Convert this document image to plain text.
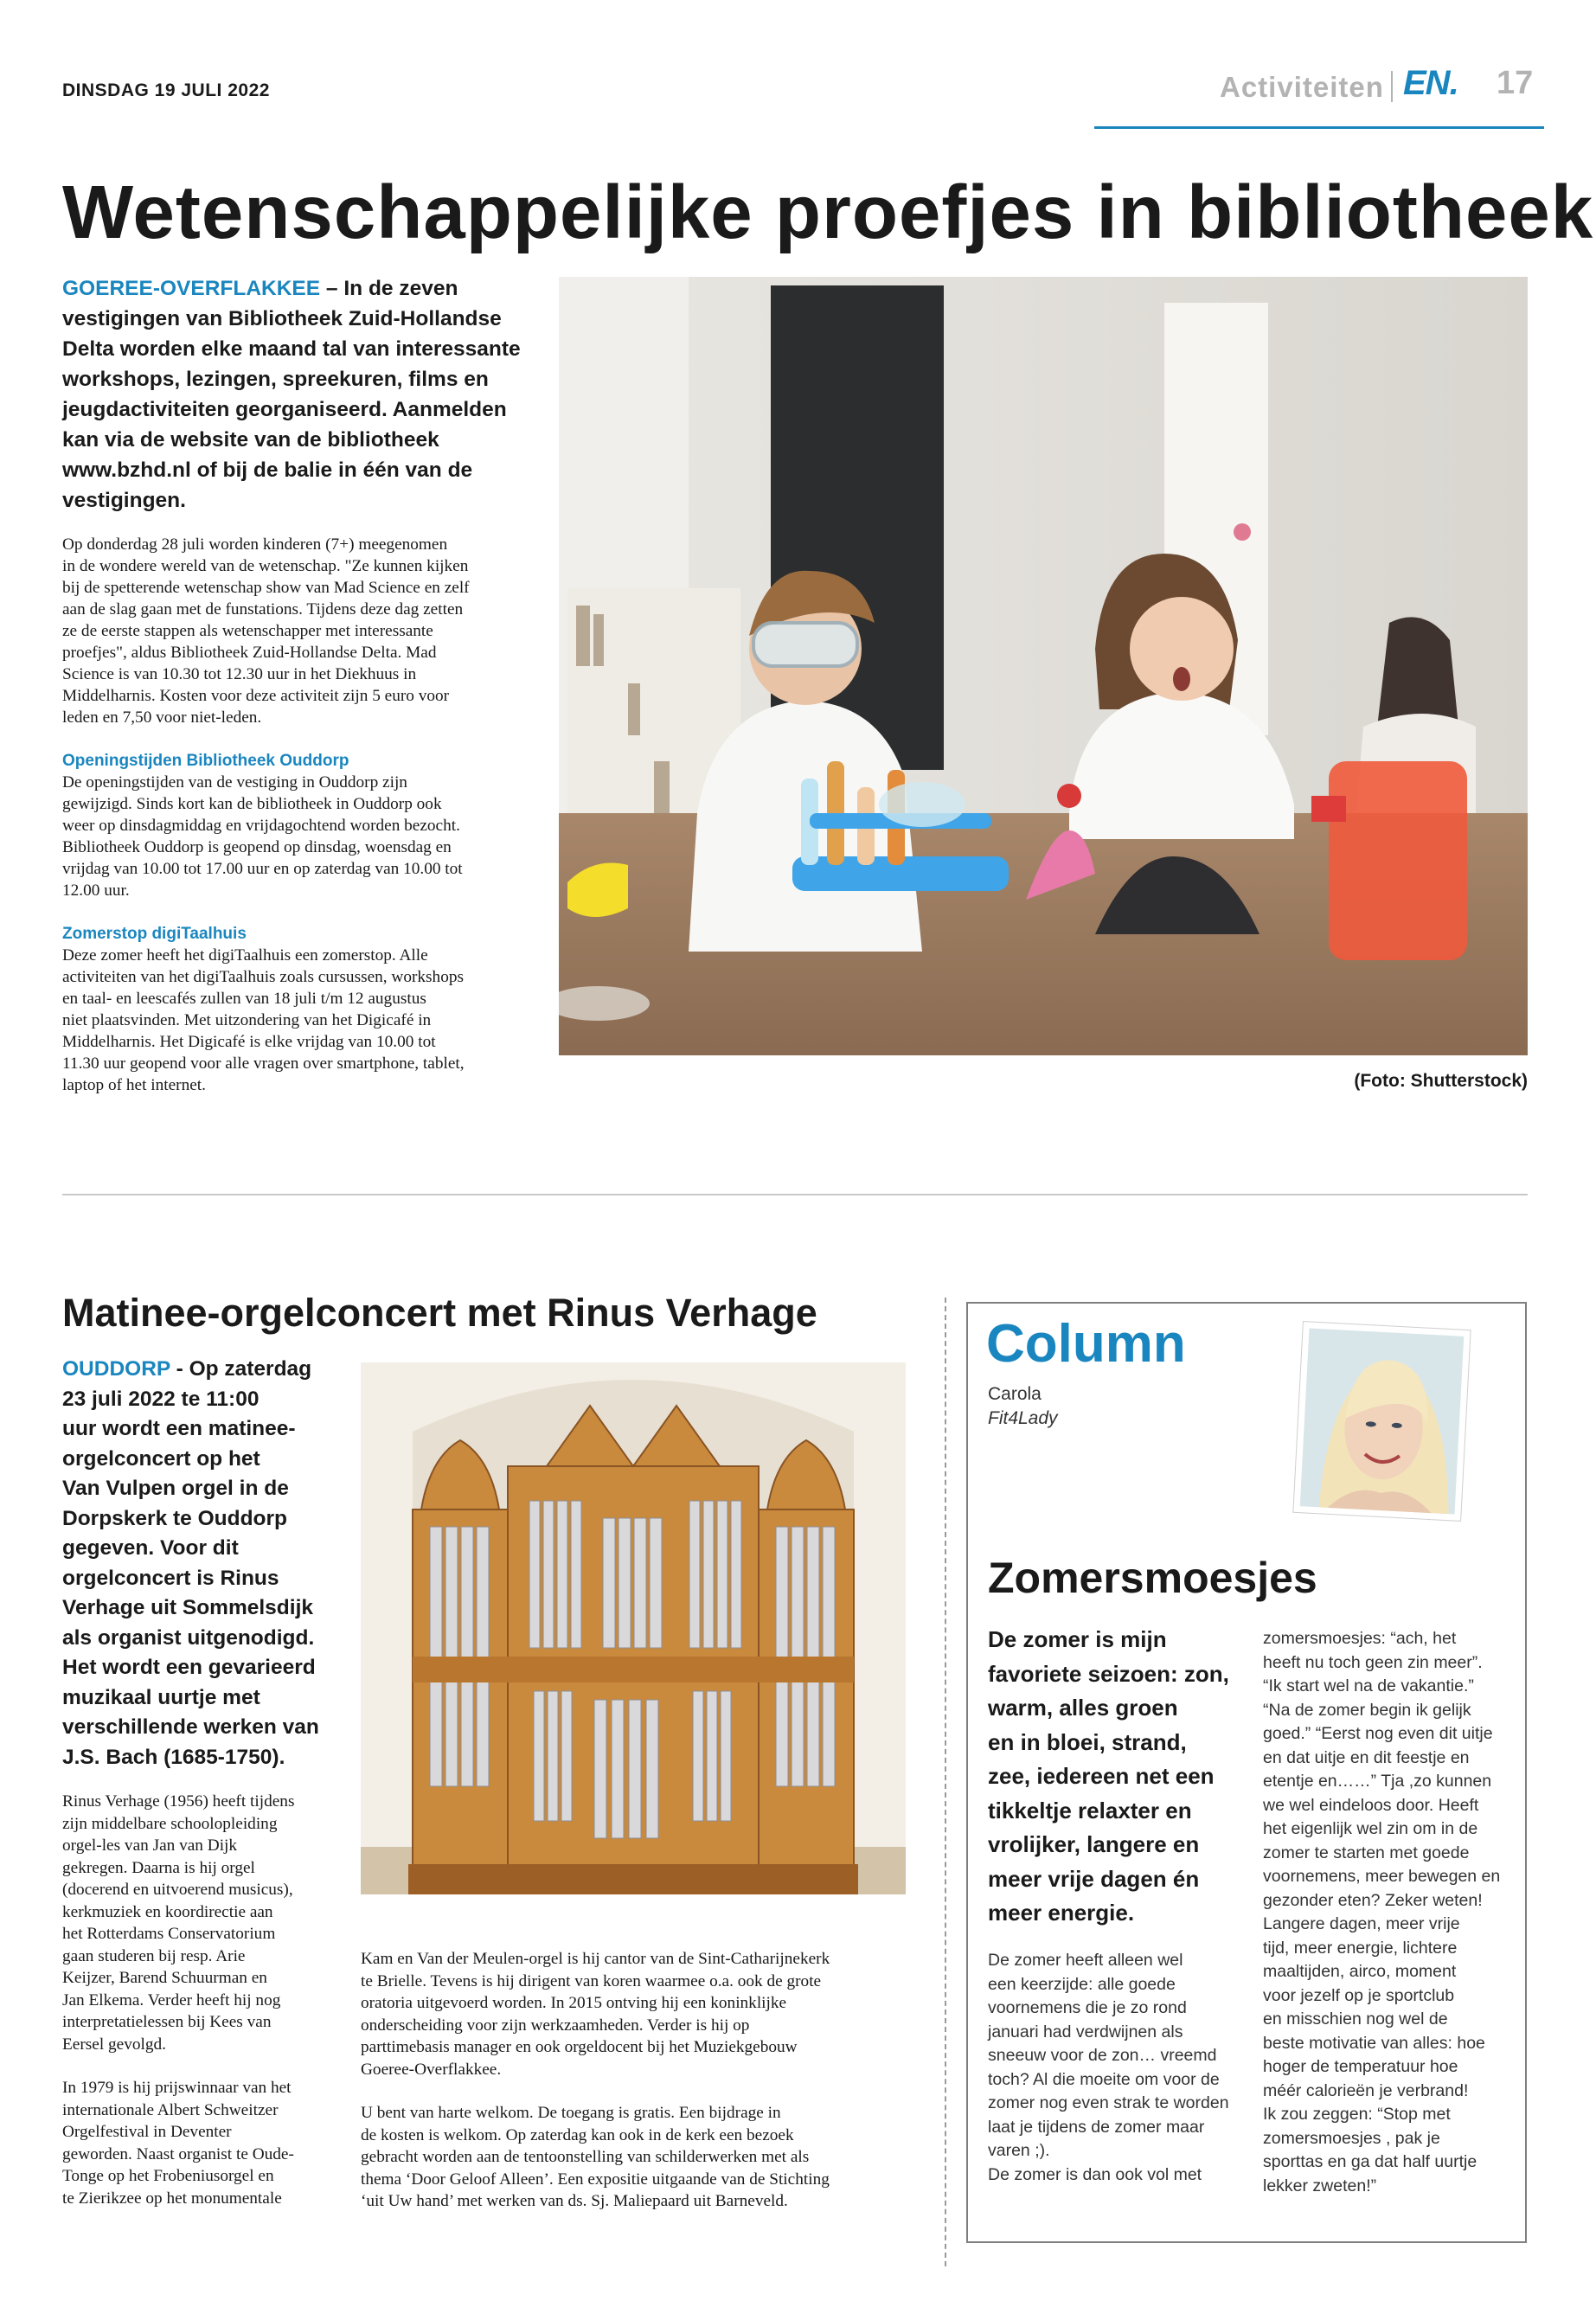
DINSDAG 19 JULI 2022	Activiteiten EN. 17
Wetenschappelijke proefjes in bibliotheek
GOEREE-OVERFLAKKEE – In de zeven
vestigingen van Bibliotheek Zuid-Hollandse
Delta worden elke maand tal van interessante
workshops, lezingen, spreekuren, films en
jeugdactiviteiten georganiseerd. Aanmelden
kan via de website van de bibliotheek
www.bzhd.nl of bij de balie in één van de
vestigingen.
Op donderdag 28 juli worden kinderen (7+) meegenomen
in de wondere wereld van de wetenschap. "Ze kunnen kijken
bij de spetterende wetenschap show van Mad Science en zelf
aan de slag gaan met de funstations. Tijdens deze dag zetten
ze de eerste stappen als wetenschapper met interessante
proefjes", aldus Bibliotheek Zuid-Hollandse Delta. Mad
Science is van 10.30 tot 12.30 uur in het Diekhuus in
Middelharnis. Kosten voor deze activiteit zijn 5 euro voor
leden en 7,50 voor niet-leden.
Openingstijden Bibliotheek Ouddorp
De openingstijden van de vestiging in Ouddorp zijn
gewijzigd. Sinds kort kan de bibliotheek in Ouddorp ook
weer op dinsdagmiddag en vrijdagochtend worden bezocht.
Bibliotheek Ouddorp is geopend op dinsdag, woensdag en
vrijdag van 10.00 tot 17.00 uur en op zaterdag van 10.00 tot
12.00 uur.
Zomerstop digiTaalhuis
Deze zomer heeft het digiTaalhuis een zomerstop. Alle
activiteiten van het digiTaalhuis zoals cursussen, workshops
en taal- en leescafés zullen van 18 juli t/m 12 augustus
niet plaatsvinden. Met uitzondering van het Digicafé in
Middelharnis. Het Digicafé is elke vrijdag van 10.00 tot
11.30 uur geopend voor alle vragen over smartphone, tablet,
laptop of het internet.	(Foto: Shutterstock)
Matinee-orgelconcert met Rinus Verhage
OUDDORP - Op zaterdag
23 juli 2022 te 11:00
uur wordt een matinee-
orgelconcert op het
Van Vulpen orgel in de
Dorpskerk te Ouddorp
gegeven. Voor dit
orgelconcert is Rinus
Verhage uit Sommelsdijk
als organist uitgenodigd.
Het wordt een gevarieerd
muzikaal uurtje met
verschillende werken van
J.S. Bach (1685-1750).
Rinus Verhage (1956) heeft tijdens
zijn middelbare schoolopleiding
orgel-les van Jan van Dijk
gekregen. Daarna is hij orgel
(docerend en uitvoerend musicus),
kerkmuziek en koordirectie aan
het Rotterdams Conservatorium
gaan studeren bij resp. Arie
Keijzer, Barend Schuurman en
Jan Elkema. Verder heeft hij nog
interpretatielessen bij Kees van
Eersel gevolgd.
In 1979 is hij prijswinnaar van het
internationale Albert Schweitzer
Orgelfestival in Deventer
geworden. Naast organist te Oude-
Tonge op het Frobeniusorgel en
te Zierikzee op het monumentale
Kam en Van der Meulen-orgel is hij cantor van de Sint-Catharijnekerk
te Brielle. Tevens is hij dirigent van koren waarmee o.a. ook de grote
oratoria uitgevoerd worden. In 2015 ontving hij een koninklijke
onderscheiding voor zijn werkzaamheden. Verder is hij op
parttimebasis manager en ook orgeldocent bij het Muziekgebouw
Goeree-Overflakkee.
U bent van harte welkom. De toegang is gratis. Een bijdrage in
de kosten is welkom. Op zaterdag kan ook in de kerk een bezoek
gebracht worden aan de tentoonstelling van schilderwerken met als
thema ‘Door Geloof Alleen’. Een expositie uitgaande van de Stichting
‘uit Uw hand’ met werken van ds. Sj. Maliepaard uit Barneveld.
Column
Carola
Fit4Lady
Zomersmoesjes
De zomer is mijn
favoriete seizoen: zon,
warm, alles groen
en in bloei, strand,
zee, iedereen net een
tikkeltje relaxter en
vrolijker, langere en
meer vrije dagen én
meer energie.
De zomer heeft alleen wel
een keerzijde: alle goede
voornemens die je zo rond
januari had verdwijnen als
sneeuw voor de zon… vreemd
toch? Al die moeite om voor de
zomer nog even strak te worden
laat je tijdens de zomer maar
varen ;).
De zomer is dan ook vol met
zomersmoesjes: “ach, het
heeft nu toch geen zin meer”.
“Ik start wel na de vakantie.”
“Na de zomer begin ik gelijk
goed.” “Eerst nog even dit uitje
en dat uitje en dit feestje en
etentje en……” Tja ,zo kunnen
we wel eindeloos door. Heeft
het eigenlijk wel zin om in de
zomer te starten met goede
voornemens, meer bewegen en
gezonder eten? Zeker weten!
Langere dagen, meer vrije
tijd, meer energie, lichtere
maaltijden, airco, moment
voor jezelf op je sportclub
en misschien nog wel de
beste motivatie van alles: hoe
hoger de temperatuur hoe
méér calorieën je verbrand!
Ik zou zeggen: “Stop met
zomersmoesjes , pak je
sporttas en ga dat half uurtje
lekker zweten!”
